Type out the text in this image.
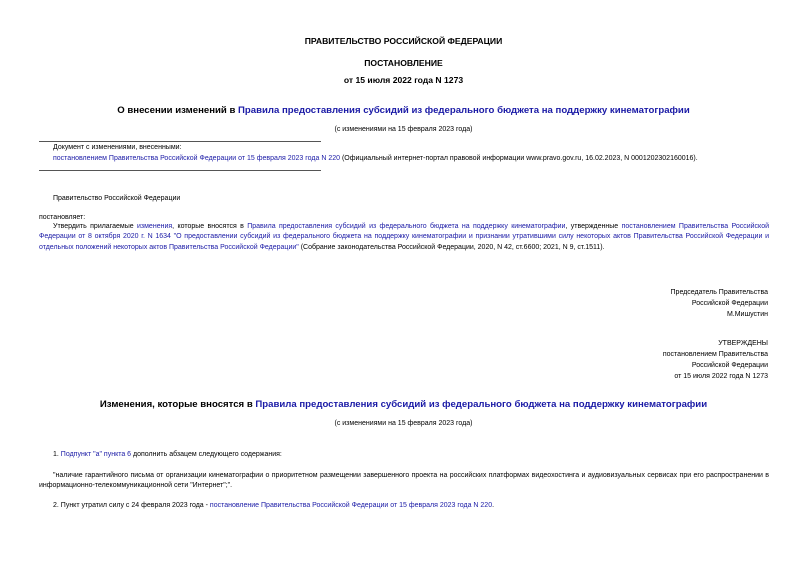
ПРАВИТЕЛЬСТВО РОССИЙСКОЙ ФЕДЕРАЦИИ
ПОСТАНОВЛЕНИЕ
от 15 июля 2022 года N 1273
О внесении изменений в Правила предоставления субсидий из федерального бюджета на поддержку кинематографии
(с изменениями на 15 февраля 2023 года)
Документ с изменениями, внесенными:
постановлением Правительства Российской Федерации от 15 февраля 2023 года N 220 (Официальный интернет-портал правовой информации www.pravo.gov.ru, 16.02.2023, N 0001202302160016).
Правительство Российской Федерации
постановляет:
Утвердить прилагаемые изменения, которые вносятся в Правила предоставления субсидий из федерального бюджета на поддержку кинематографии, утвержденные постановлением Правительства Российской Федерации от 8 октября 2020 г. N 1634 "О предоставлении субсидий из федерального бюджета на поддержку кинематографии и признании утратившими силу некоторых актов Правительства Российской Федерации и отдельных положений некоторых актов Правительства Российской Федерации" (Собрание законодательства Российской Федерации, 2020, N 42, ст.6600; 2021, N 9, ст.1511).
Председатель Правительства
Российской Федерации
М.Мишустин
УТВЕРЖДЕНЫ
постановлением Правительства
Российской Федерации
от 15 июля 2022 года N 1273
Изменения, которые вносятся в Правила предоставления субсидий из федерального бюджета на поддержку кинематографии
(с изменениями на 15 февраля 2023 года)
1. Подпункт "а" пункта 6 дополнить абзацем следующего содержания:
"наличие гарантийного письма от организации кинематографии о приоритетном размещении завершенного проекта на российских платформах видеохостинга и аудиовизуальных сервисах при его распространении в информационно-телекоммуникационной сети "Интернет";".
2. Пункт утратил силу с 24 февраля 2023 года - постановление Правительства Российской Федерации от 15 февраля 2023 года N 220.
